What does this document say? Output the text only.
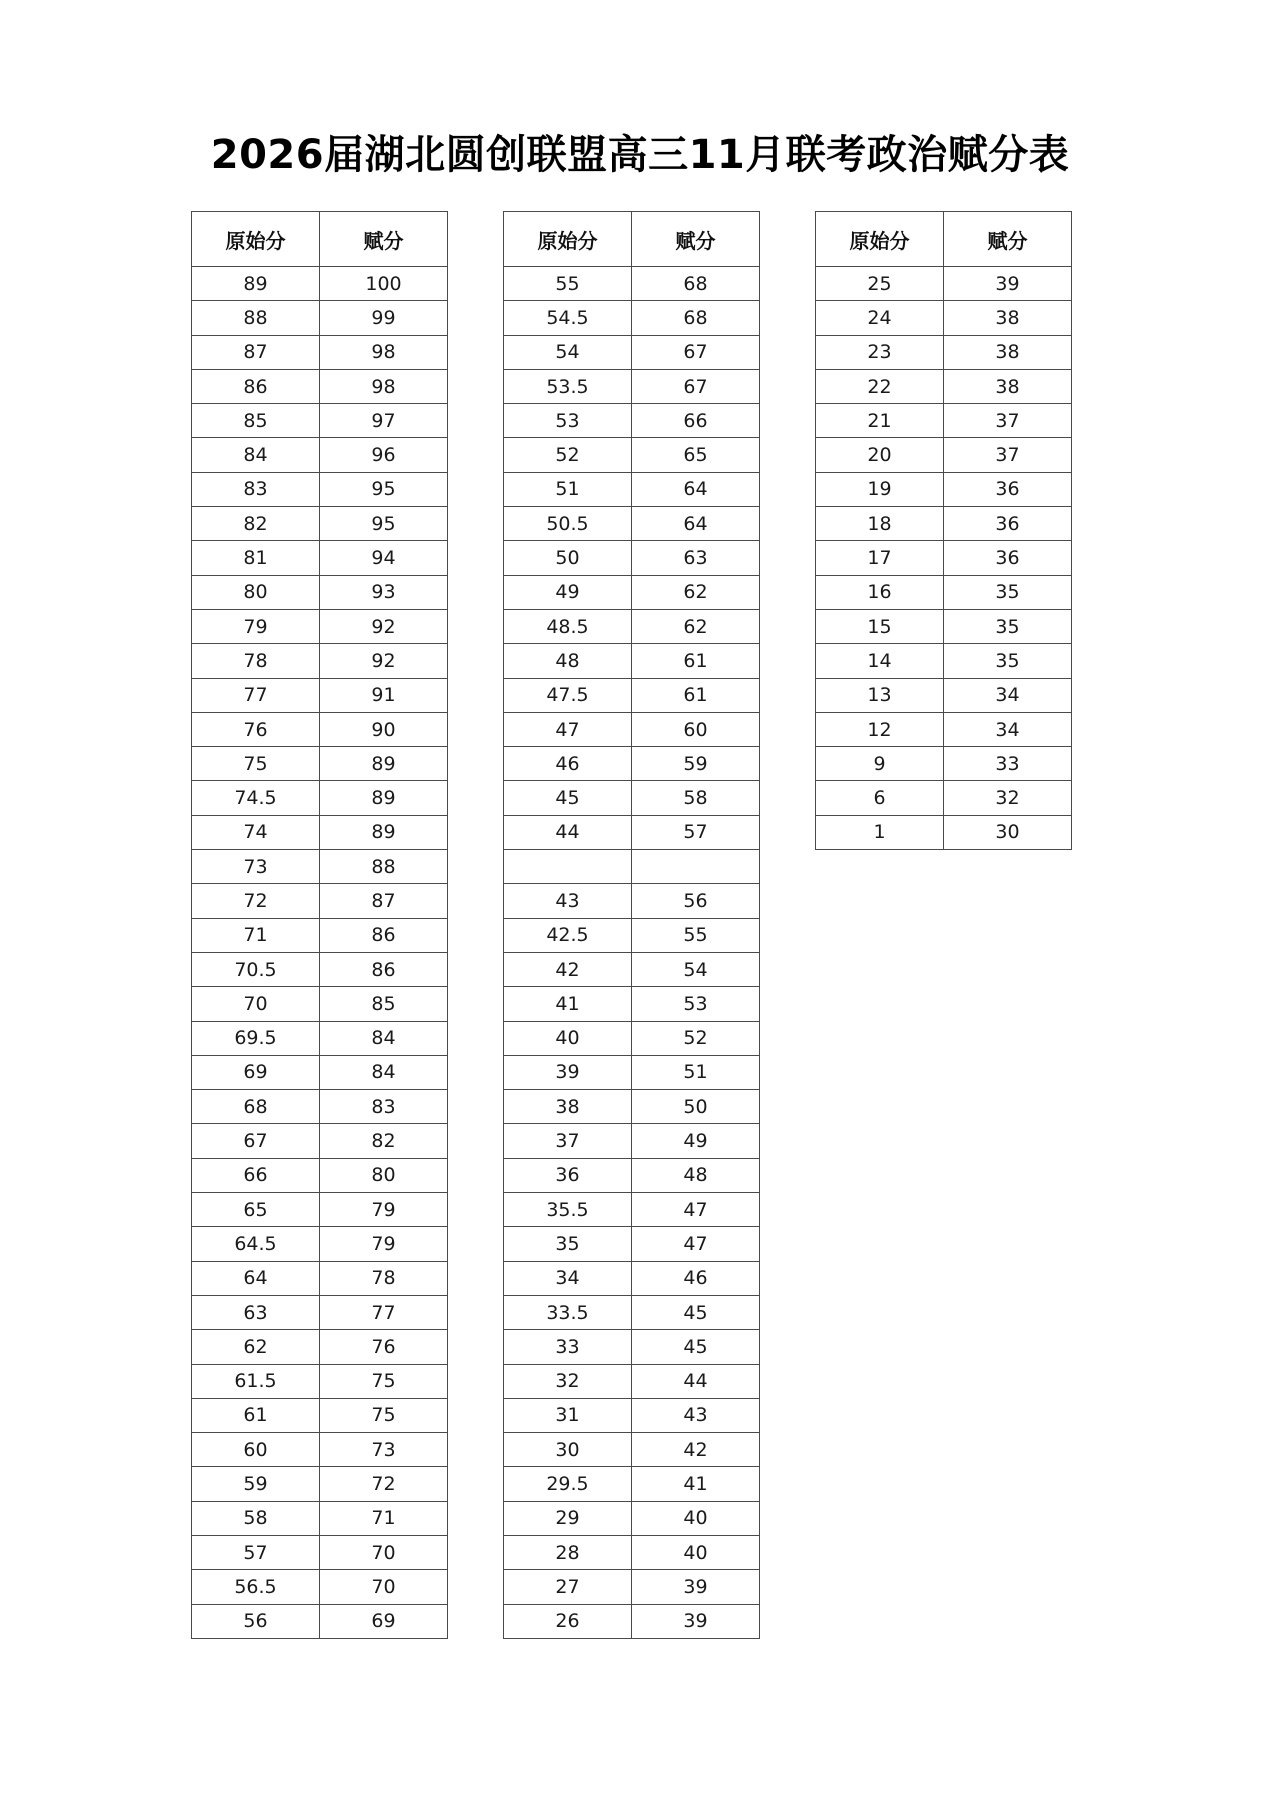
2026届湖北圆创联盟高三11月联考政治赋分表
原始分	赋分
89	100
88	99
87	98
86	98
85	97
84	96
83	95
82	95
81	94
80	93
79	92
78	92
77	91
76	90
75	89
74.5	89
74	89
73	88
72	87
71	86
70.5	86
70	85
69.5	84
69	84
68	83
67	82
66	80
65	79
64.5	79
64	78
63	77
62	76
61.5	75
61	75
60	73
59	72
58	71
57	70
56.5	70
56	69
原始分	赋分
55	68
54.5	68
54	67
53.5	67
53	66
52	65
51	64
50.5	64
50	63
49	62
48.5	62
48	61
47.5	61
47	60
46	59
45	58
44	57

43	56
42.5	55
42	54
41	53
40	52
39	51
38	50
37	49
36	48
35.5	47
35	47
34	46
33.5	45
33	45
32	44
31	43
30	42
29.5	41
29	40
28	40
27	39
26	39
原始分	赋分
25	39
24	38
23	38
22	38
21	37
20	37
19	36
18	36
17	36
16	35
15	35
14	35
13	34
12	34
9	33
6	32
1	30
